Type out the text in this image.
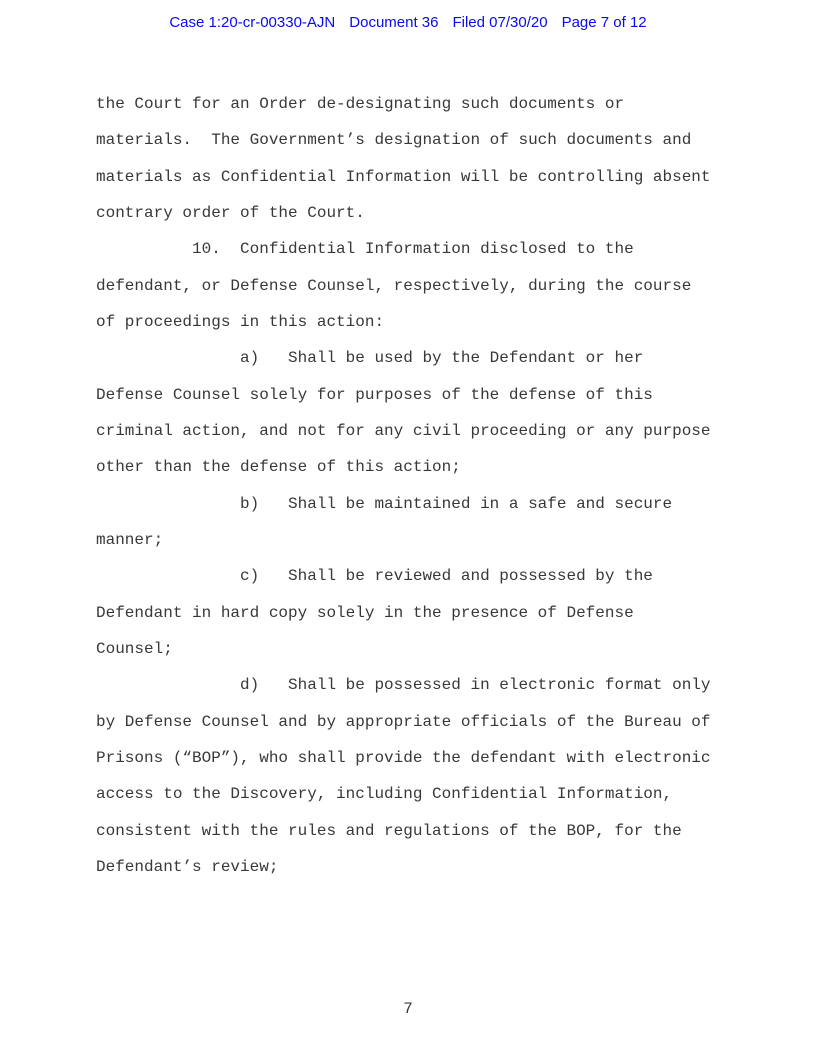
Case 1:20-cr-00330-AJN Document 36 Filed 07/30/20 Page 7 of 12
the Court for an Order de-designating such documents or
materials.  The Government’s designation of such documents and
materials as Confidential Information will be controlling absent
contrary order of the Court.
10.  Confidential Information disclosed to the
defendant, or Defense Counsel, respectively, during the course
of proceedings in this action:
a)   Shall be used by the Defendant or her
Defense Counsel solely for purposes of the defense of this
criminal action, and not for any civil proceeding or any purpose
other than the defense of this action;
b)   Shall be maintained in a safe and secure
manner;
c)   Shall be reviewed and possessed by the
Defendant in hard copy solely in the presence of Defense
Counsel;
d)   Shall be possessed in electronic format only
by Defense Counsel and by appropriate officials of the Bureau of
Prisons (“BOP”), who shall provide the defendant with electronic
access to the Discovery, including Confidential Information,
consistent with the rules and regulations of the BOP, for the
Defendant’s review;
7
